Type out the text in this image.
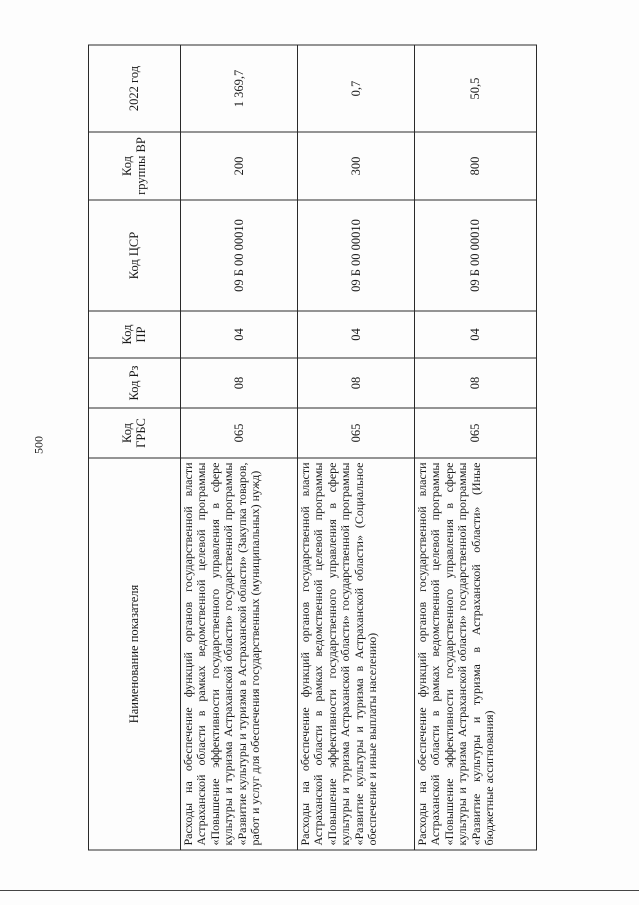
500
Наименование показателя	Код ГРБС	Код Рз	Код ПР	Код ЦСР	Код группы ВР	2022 год
Расходы на обеспечение функций органов государственной власти Астраханской области в рамках ведомственной целевой программы «Повышение эффективности государственного управления в сфере культуры и туризма Астраханской области» государственной программы «Развитие культуры и туризма в Астраханской области» (Закупка товаров, работ и услуг для обеспечения государственных (муниципальных) нужд)	065	08	04	09 Б 00 00010	200	1 369,7
Расходы на обеспечение функций органов государственной власти Астраханской области в рамках ведомственной целевой программы «Повышение эффективности государственного управления в сфере культуры и туризма Астраханской области» государственной программы «Развитие культуры и туризма в Астраханской области» (Социальное обеспечение и иные выплаты населению)	065	08	04	09 Б 00 00010	300	0,7
Расходы на обеспечение функций органов государственной власти Астраханской области в рамках ведомственной целевой программы «Повышение эффективности государственного управления в сфере культуры и туризма Астраханской области» государственной программы «Развитие культуры и туризма в Астраханской области» (Иные бюджетные ассигнования)	065	08	04	09 Б 00 00010	800	50,5
